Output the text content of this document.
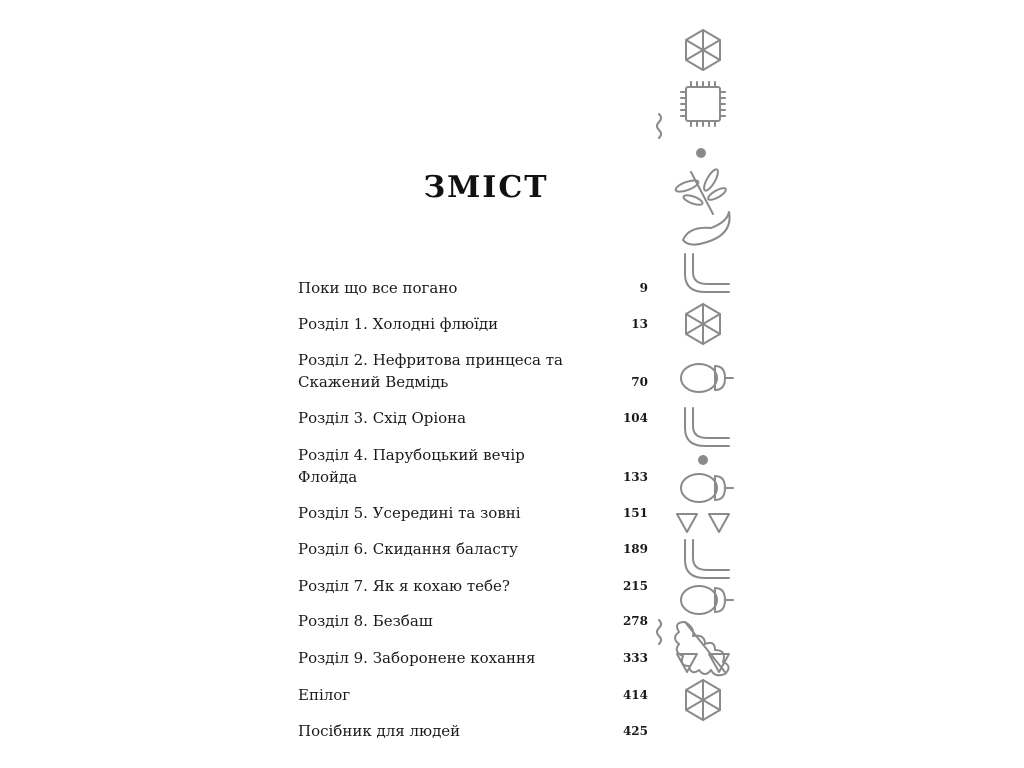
ЗМІСТ
Поки що все погано	9
Розділ 1. Холодні флюїди	13
Розділ 2. Нефритова принцеса та Скажений Ведмідь	70
Розділ 3. Схід Оріона	104
Розділ 4. Парубоцький вечір Флойда	133
Розділ 5. Усередині та зовні	151
Розділ 6. Скидання баласту	189
Розділ 7. Як я кохаю тебе?	215
Розділ 8. Безбаш	278
Розділ 9. Заборонене кохання	333
Епілог	414
Посібник для людей	425
